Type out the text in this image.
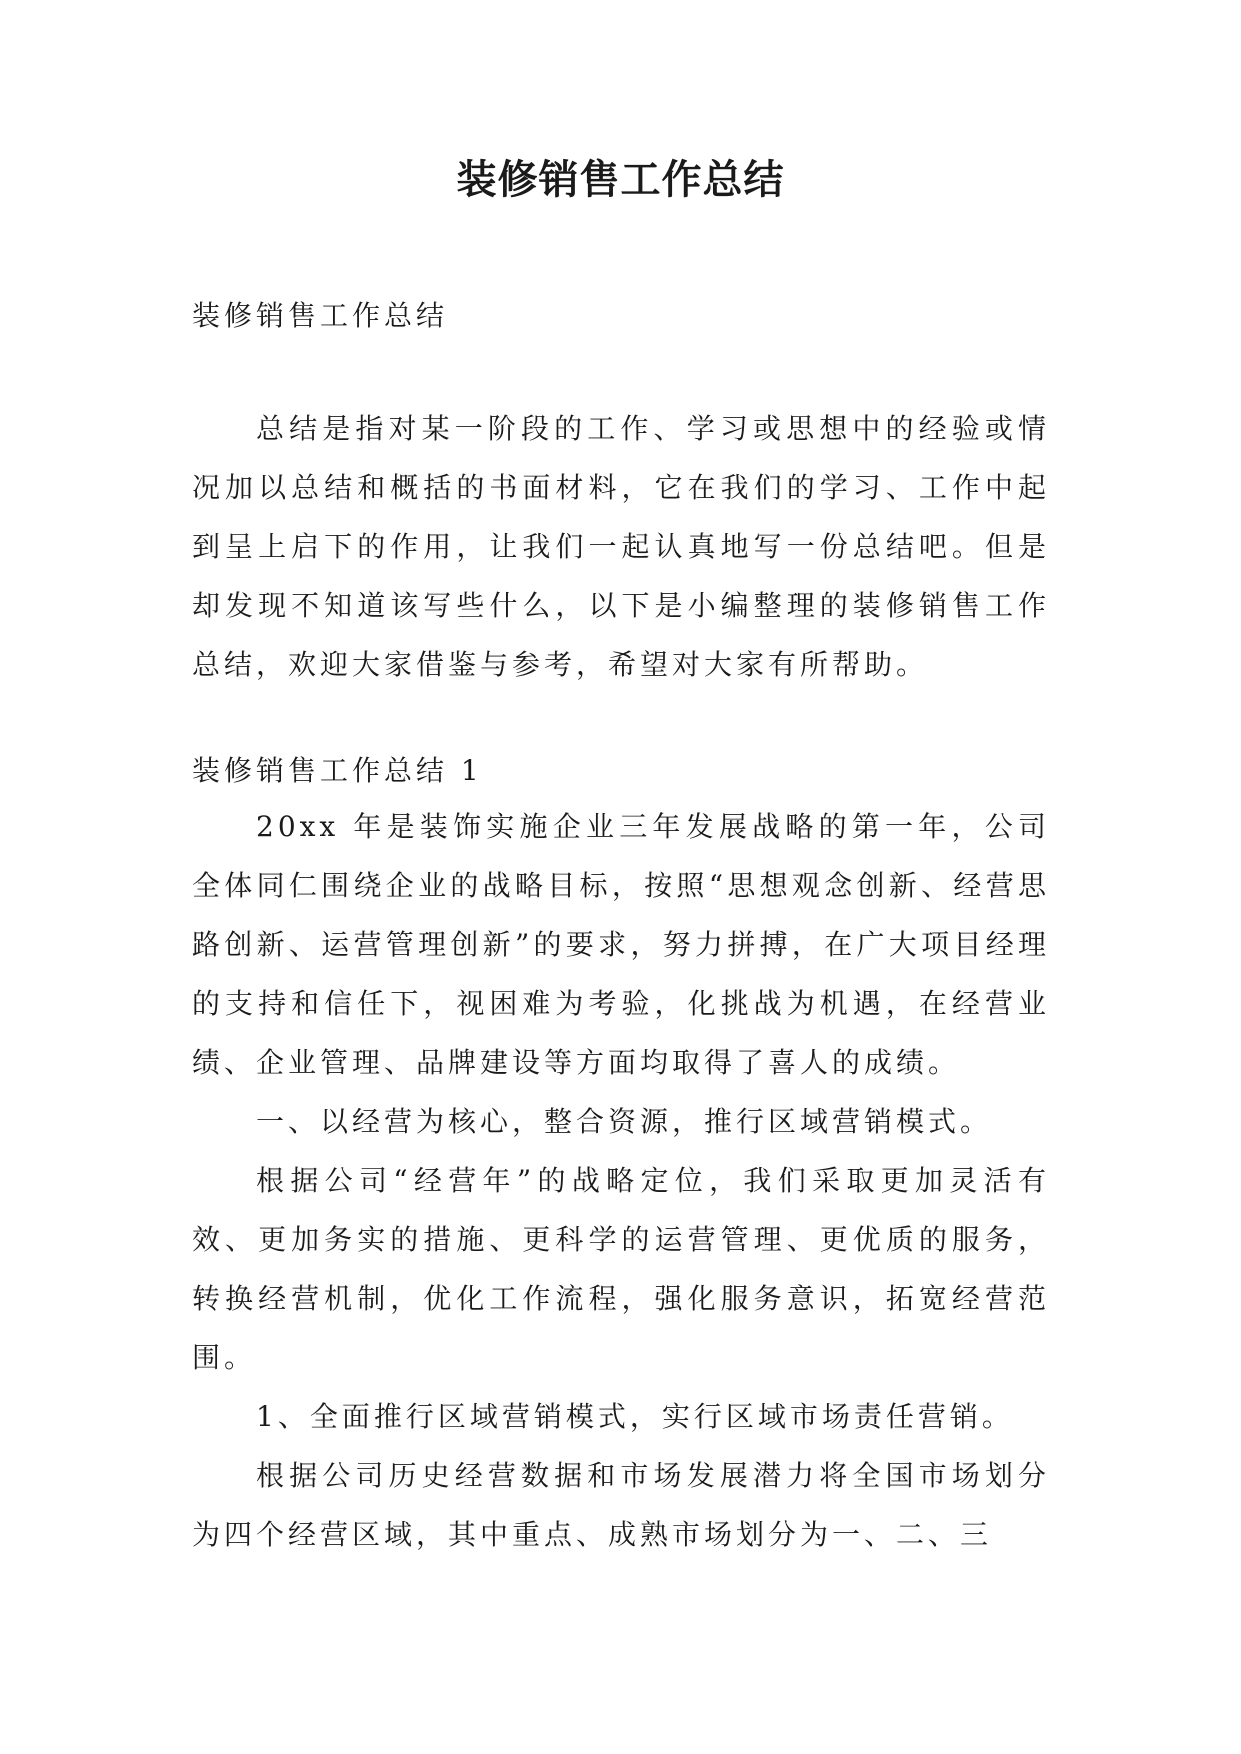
装修销售工作总结

装修销售工作总结

总结是指对某一阶段的工作、学习或思想中的经验或情况加以总结和概括的书面材料，它在我们的学习、工作中起到呈上启下的作用，让我们一起认真地写一份总结吧。但是却发现不知道该写些什么，以下是小编整理的装修销售工作总结，欢迎大家借鉴与参考，希望对大家有所帮助。

装修销售工作总结 1

20xx 年是装饰实施企业三年发展战略的第一年，公司全体同仁围绕企业的战略目标，按照“思想观念创新、经营思路创新、运营管理创新”的要求，努力拼搏，在广大项目经理的支持和信任下，视困难为考验，化挑战为机遇，在经营业绩、企业管理、品牌建设等方面均取得了喜人的成绩。

一、以经营为核心，整合资源，推行区域营销模式。

根据公司“经营年”的战略定位，我们采取更加灵活有效、更加务实的措施、更科学的运营管理、更优质的服务，转换经营机制，优化工作流程，强化服务意识，拓宽经营范围。

1、全面推行区域营销模式，实行区域市场责任营销。

根据公司历史经营数据和市场发展潜力将全国市场划分为四个经营区域，其中重点、成熟市场划分为一、二、三
